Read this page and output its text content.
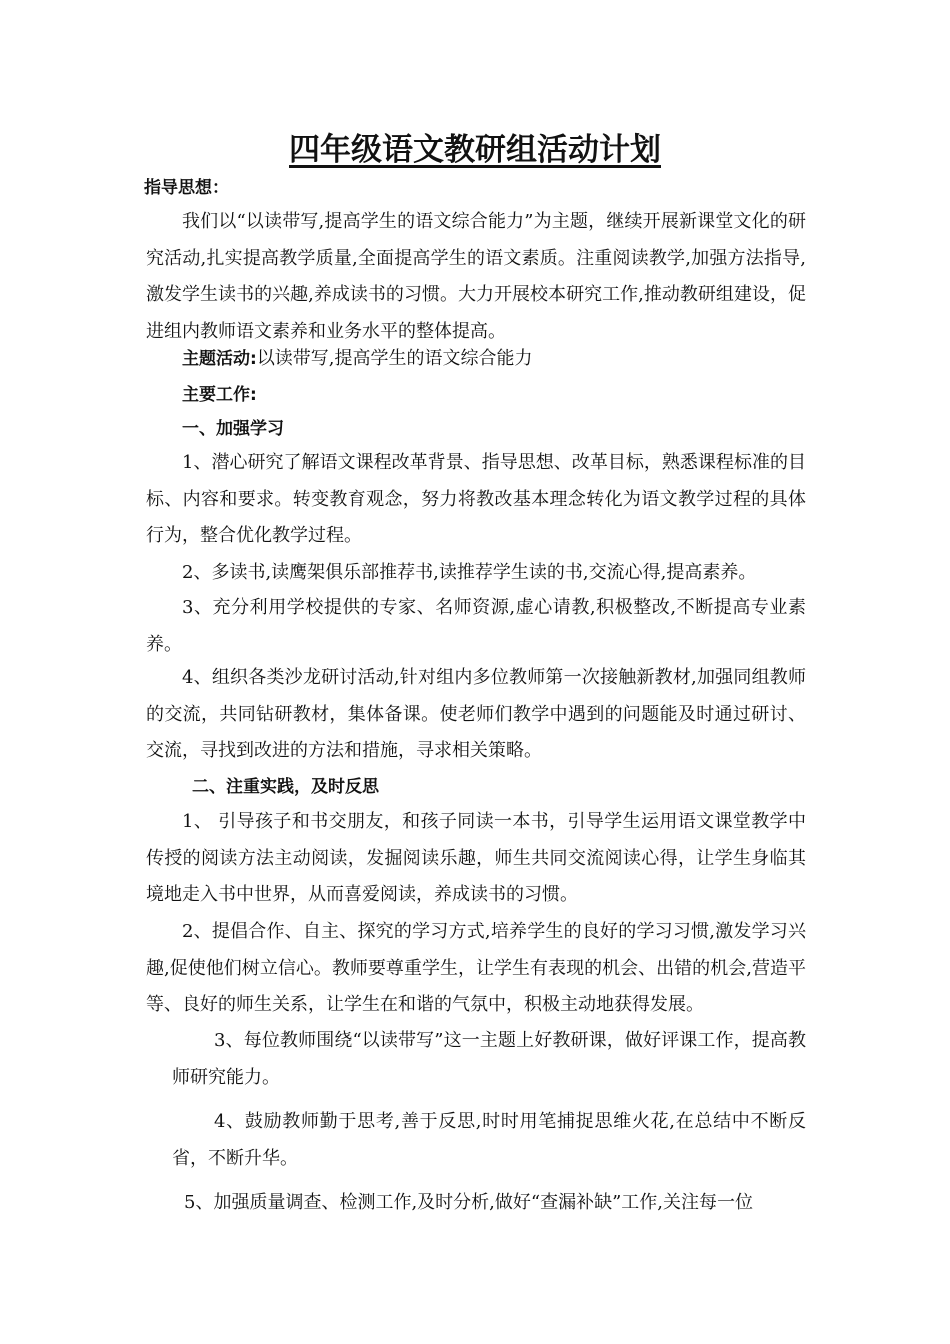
四年级语文教研组活动计划
指导思想：
我们以“以读带写,提高学生的语文综合能力”为主题，继续开展新课堂文化的研究活动,扎实提高教学质量,全面提高学生的语文素质。注重阅读教学,加强方法指导,激发学生读书的兴趣,养成读书的习惯。大力开展校本研究工作,推动教研组建设，促进组内教师语文素养和业务水平的整体提高。
主题活动:以读带写,提高学生的语文综合能力
主要工作:
一、加强学习
1、潜心研究了解语文课程改革背景、指导思想、改革目标，熟悉课程标准的目标、内容和要求。转变教育观念，努力将教改基本理念转化为语文教学过程的具体行为，整合优化教学过程。
2、多读书,读鹰架俱乐部推荐书,读推荐学生读的书,交流心得,提高素养。
3、充分利用学校提供的专家、名师资源,虚心请教,积极整改,不断提高专业素养。
4、组织各类沙龙研讨活动,针对组内多位教师第一次接触新教材,加强同组教师的交流，共同钻研教材，集体备课。使老师们教学中遇到的问题能及时通过研讨、交流，寻找到改进的方法和措施，寻求相关策略。
二、注重实践，及时反思
1、 引导孩子和书交朋友，和孩子同读一本书，引导学生运用语文课堂教学中传授的阅读方法主动阅读，发掘阅读乐趣，师生共同交流阅读心得，让学生身临其境地走入书中世界，从而喜爱阅读，养成读书的习惯。
2、提倡合作、自主、探究的学习方式,培养学生的良好的学习习惯,激发学习兴趣,促使他们树立信心。教师要尊重学生，让学生有表现的机会、出错的机会,营造平等、良好的师生关系，让学生在和谐的气氛中，积极主动地获得发展。
3、每位教师围绕“以读带写”这一主题上好教研课，做好评课工作，提高教师研究能力。
4、鼓励教师勤于思考,善于反思,时时用笔捕捉思维火花,在总结中不断反省，不断升华。
5、加强质量调查、检测工作,及时分析,做好“查漏补缺”工作,关注每一位
